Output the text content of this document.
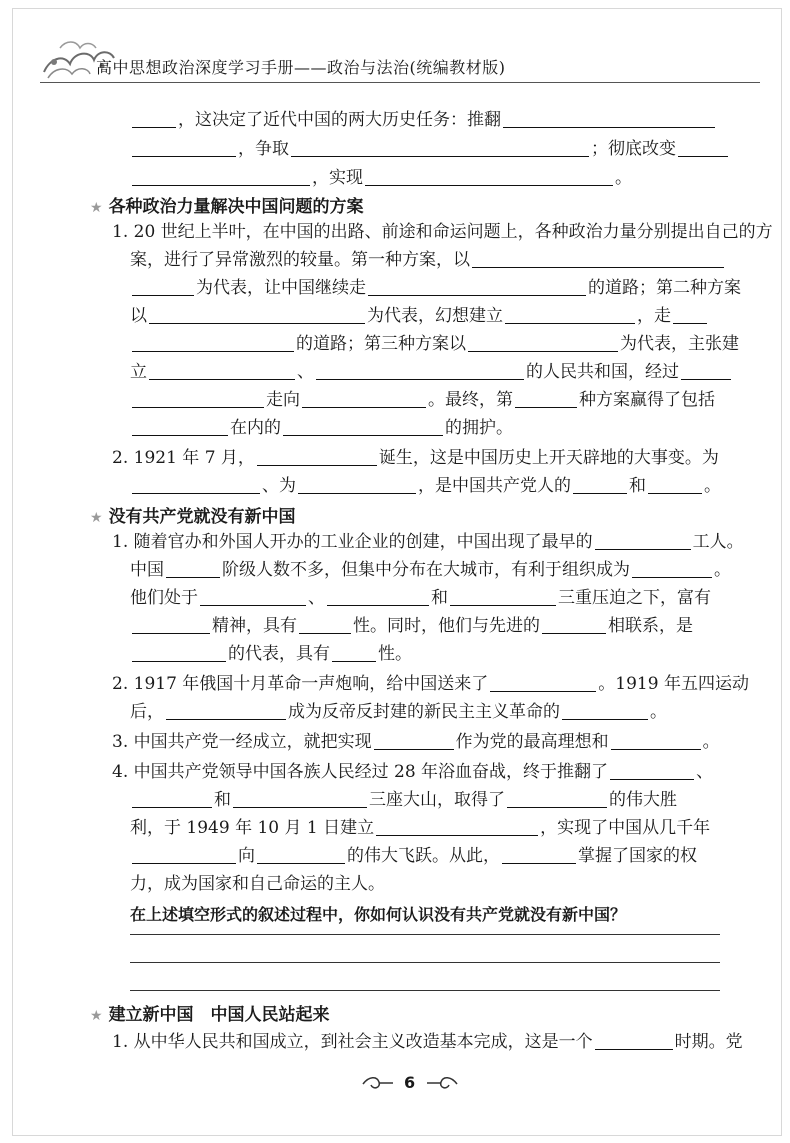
高中思想政治深度学习手册——政治与法治(统编教材版)
，这决定了近代中国的两大历史任务：推翻
，争取	；彻底改变
，实现	。
★ 各种政治力量解决中国问题的方案
1. 20 世纪上半叶，在中国的出路、前途和命运问题上，各种政治力量分别提出自己的方
案，进行了异常激烈的较量。第一种方案，以
为代表，让中国继续走	的道路；第二种方案
以	为代表，幻想建立	，走
的道路；第三种方案以	为代表，主张建
立	、	的人民共和国，经过
走向	。最终，第	种方案赢得了包括
在内的	的拥护。
2. 1921 年 7 月，	诞生，这是中国历史上开天辟地的大事变。为
、为	，是中国共产党人的	和	。
★ 没有共产党就没有新中国
1. 随着官办和外国人开办的工业企业的创建，中国出现了最早的	工人。
中国	阶级人数不多，但集中分布在大城市，有利于组织成为	。
他们处于	、	和	三重压迫之下，富有
精神，具有	性。同时，他们与先进的	相联系，是
的代表，具有	性。
2. 1917 年俄国十月革命一声炮响，给中国送来了	。1919 年五四运动
后，	成为反帝反封建的新民主主义革命的	。
3. 中国共产党一经成立，就把实现	作为党的最高理想和	。
4. 中国共产党领导中国各族人民经过 28 年浴血奋战，终于推翻了	、
和	三座大山，取得了	的伟大胜
利，于 1949 年 10 月 1 日建立	，实现了中国从几千年
向	的伟大飞跃。从此，	掌握了国家的权
力，成为国家和自己命运的主人。
在上述填空形式的叙述过程中，你如何认识没有共产党就没有新中国？
★ 建立新中国　中国人民站起来
1. 从中华人民共和国成立，到社会主义改造基本完成，这是一个	时期。党
6
